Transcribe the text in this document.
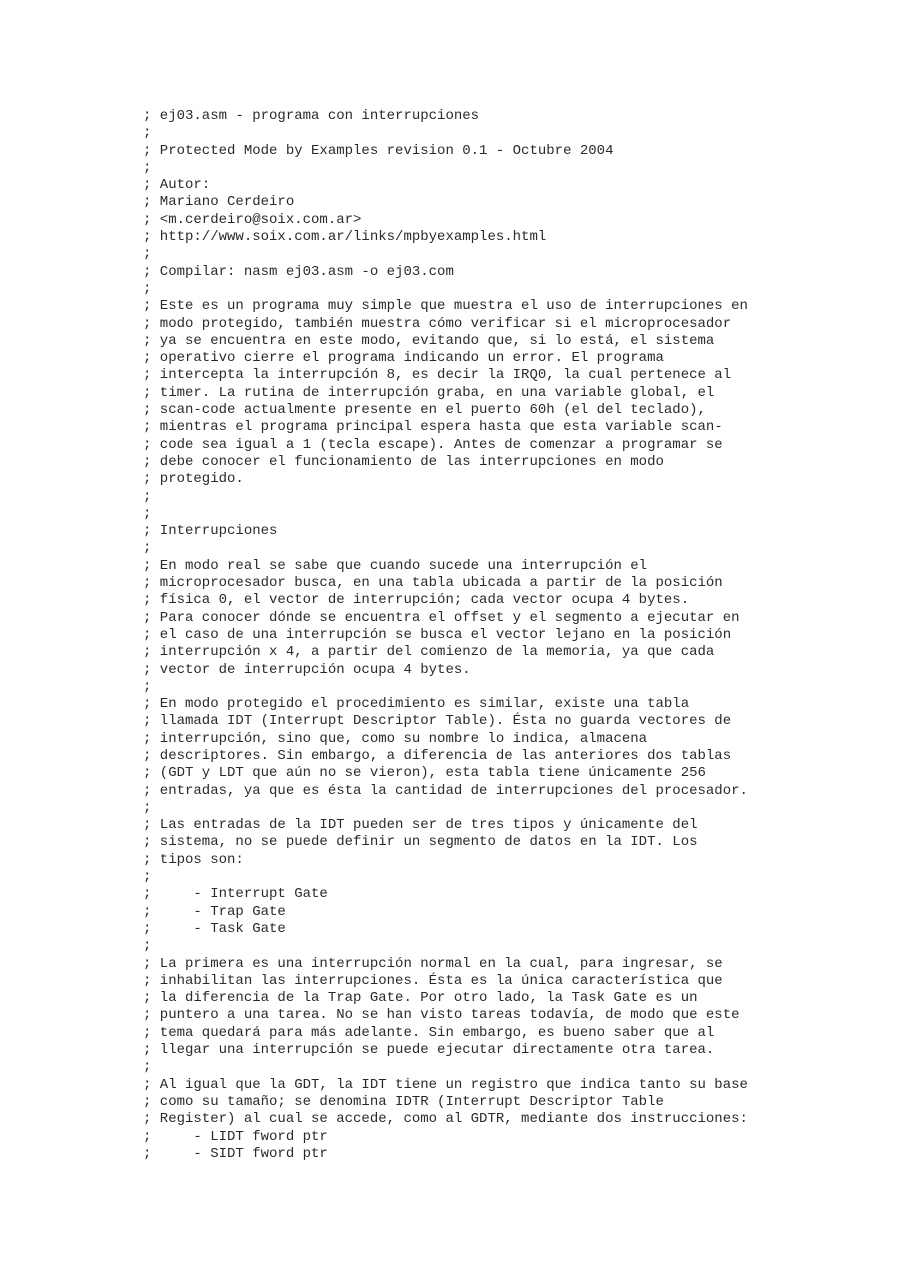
; ej03.asm - programa con interrupciones
;
; Protected Mode by Examples revision 0.1 - Octubre 2004
;
; Autor:
; Mariano Cerdeiro
; <m.cerdeiro@soix.com.ar>
; http://www.soix.com.ar/links/mpbyexamples.html
;
; Compilar: nasm ej03.asm -o ej03.com
;
; Este es un programa muy simple que muestra el uso de interrupciones en
; modo protegido, también muestra cómo verificar si el microprocesador
; ya se encuentra en este modo, evitando que, si lo está, el sistema
; operativo cierre el programa indicando un error. El programa
; intercepta la interrupción 8, es decir la IRQ0, la cual pertenece al
; timer. La rutina de interrupción graba, en una variable global, el
; scan-code actualmente presente en el puerto 60h (el del teclado),
; mientras el programa principal espera hasta que esta variable scan-
; code sea igual a 1 (tecla escape). Antes de comenzar a programar se
; debe conocer el funcionamiento de las interrupciones en modo
; protegido.
;
;
; Interrupciones
;
; En modo real se sabe que cuando sucede una interrupción el
; microprocesador busca, en una tabla ubicada a partir de la posición
; física 0, el vector de interrupción; cada vector ocupa 4 bytes.
; Para conocer dónde se encuentra el offset y el segmento a ejecutar en
; el caso de una interrupción se busca el vector lejano en la posición
; interrupción x 4, a partir del comienzo de la memoria, ya que cada
; vector de interrupción ocupa 4 bytes.
;
; En modo protegido el procedimiento es similar, existe una tabla
; llamada IDT (Interrupt Descriptor Table). Ésta no guarda vectores de
; interrupción, sino que, como su nombre lo indica, almacena
; descriptores. Sin embargo, a diferencia de las anteriores dos tablas
; (GDT y LDT que aún no se vieron), esta tabla tiene únicamente 256
; entradas, ya que es ésta la cantidad de interrupciones del procesador.
;
; Las entradas de la IDT pueden ser de tres tipos y únicamente del
; sistema, no se puede definir un segmento de datos en la IDT. Los
; tipos son:
;
;     - Interrupt Gate
;     - Trap Gate
;     - Task Gate
;
; La primera es una interrupción normal en la cual, para ingresar, se
; inhabilitan las interrupciones. Ésta es la única característica que
; la diferencia de la Trap Gate. Por otro lado, la Task Gate es un
; puntero a una tarea. No se han visto tareas todavía, de modo que este
; tema quedará para más adelante. Sin embargo, es bueno saber que al
; llegar una interrupción se puede ejecutar directamente otra tarea.
;
; Al igual que la GDT, la IDT tiene un registro que indica tanto su base
; como su tamaño; se denomina IDTR (Interrupt Descriptor Table
; Register) al cual se accede, como al GDTR, mediante dos instrucciones:
;     - LIDT fword ptr
;     - SIDT fword ptr
